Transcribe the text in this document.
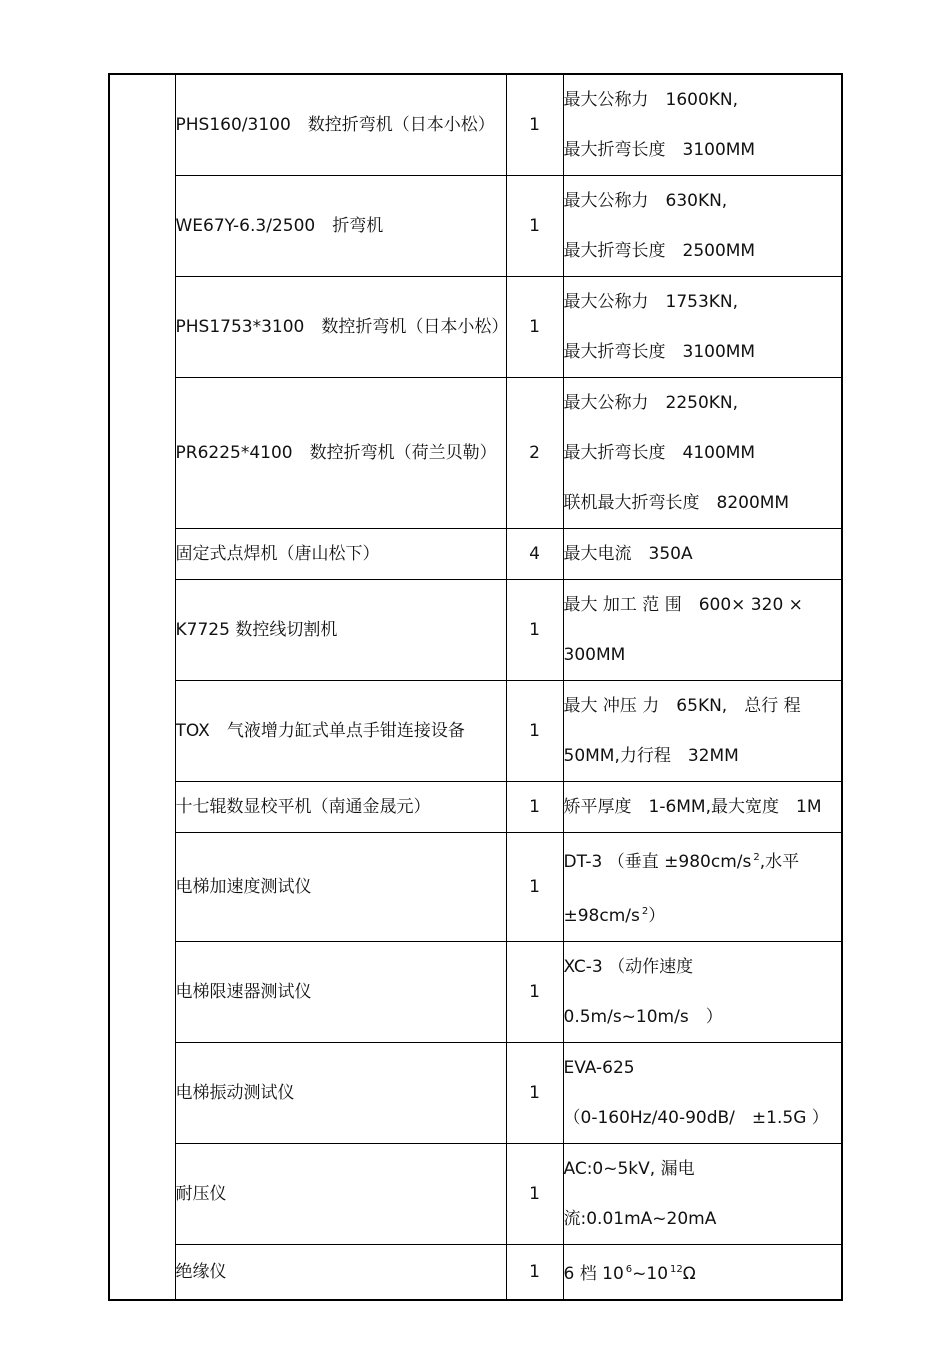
	PHS160/3100　数控折弯机（日本小松）	1	最大公称力　1600KN,
最大折弯长度　3100MM

	WE67Y-6.3/2500　折弯机	1	最大公称力　630KN,
最大折弯长度　2500MM

	PHS1753*3100　数控折弯机（日本小松）	1	最大公称力　1753KN,
最大折弯长度　3100MM

	PR6225*4100　数控折弯机（荷兰贝勒）	2	最大公称力　2250KN,
最大折弯长度　4100MM
联机最大折弯长度　8200MM

	固定式点焊机（唐山松下）	4	最大电流　350A

	K7725 数控线切割机	1	最大 加工 范 围　600× 320 ×
300MM

	TOX　气液增力缸式单点手钳连接设备	1	最大 冲压 力　65KN,　总行 程
50MM,力行程　32MM

	十七辊数显校平机（南通金晟元）	1	矫平厚度　1-6MM,最大宽度　1M

	电梯加速度测试仪	1	DT-3 （垂直 ±980cm/s $^2$,水平
±98cm/s $^2$）

	电梯限速器测试仪	1	XC-3 （动作速度
0.5m/s~10m/s　）

	电梯振动测试仪	1	EVA-625
（0-160Hz/40-90dB/　±1.5G ）

	耐压仪	1	AC:0~5kV, 漏电
流:0.01mA~20mA

	绝缘仪	1	6 档 10 $^6$~10 $^{12}$Ω
